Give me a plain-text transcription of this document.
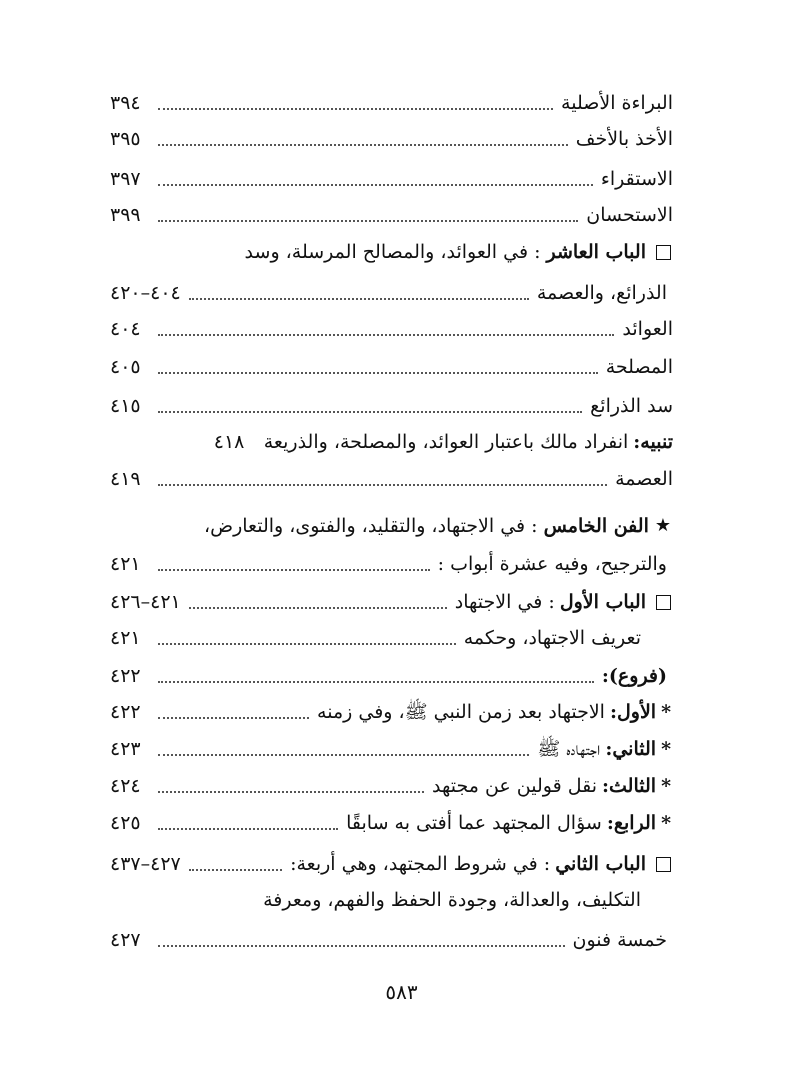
البراءة الأصلية
٣٩٤
الأخذ بالأخف
٣٩٥
الاستقراء
٣٩٧
الاستحسان
٣٩٩
الباب العاشر
: في العوائد، والمصالح المرسلة، وسد
الذرائع، والعصمة
٤٠٤–٤٢٠
العوائد
٤٠٤
المصلحة
٤٠٥
سد الذرائع
٤١٥
تنبيه:
انفراد مالك باعتبار العوائد، والمصلحة، والذريعة
٤١٨
العصمة
٤١٩
★
الفن الخامس
: في الاجتهاد، والتقليد، والفتوى، والتعارض،
والترجيح، وفيه عشرة أبواب :
٤٢١
الباب الأول
: في الاجتهاد
٤٢١–٤٢٦
تعريف الاجتهاد، وحكمه
٤٢١
(فروع):
٤٢٢
*
الأول:
الاجتهاد بعد زمن النبي ﷺ، وفي زمنه
٤٢٢
*
الثاني:
اجتهاده ﷺ
٤٢٣
*
الثالث:
نقل قولين عن مجتهد
٤٢٤
*
الرابع:
سؤال المجتهد عما أفتى به سابقًا
٤٢٥
الباب الثاني
: في شروط المجتهد، وهي أربعة:
٤٢٧–٤٣٧
التكليف، والعدالة، وجودة الحفظ والفهم، ومعرفة
خمسة فنون
٤٢٧
٥٨٣
